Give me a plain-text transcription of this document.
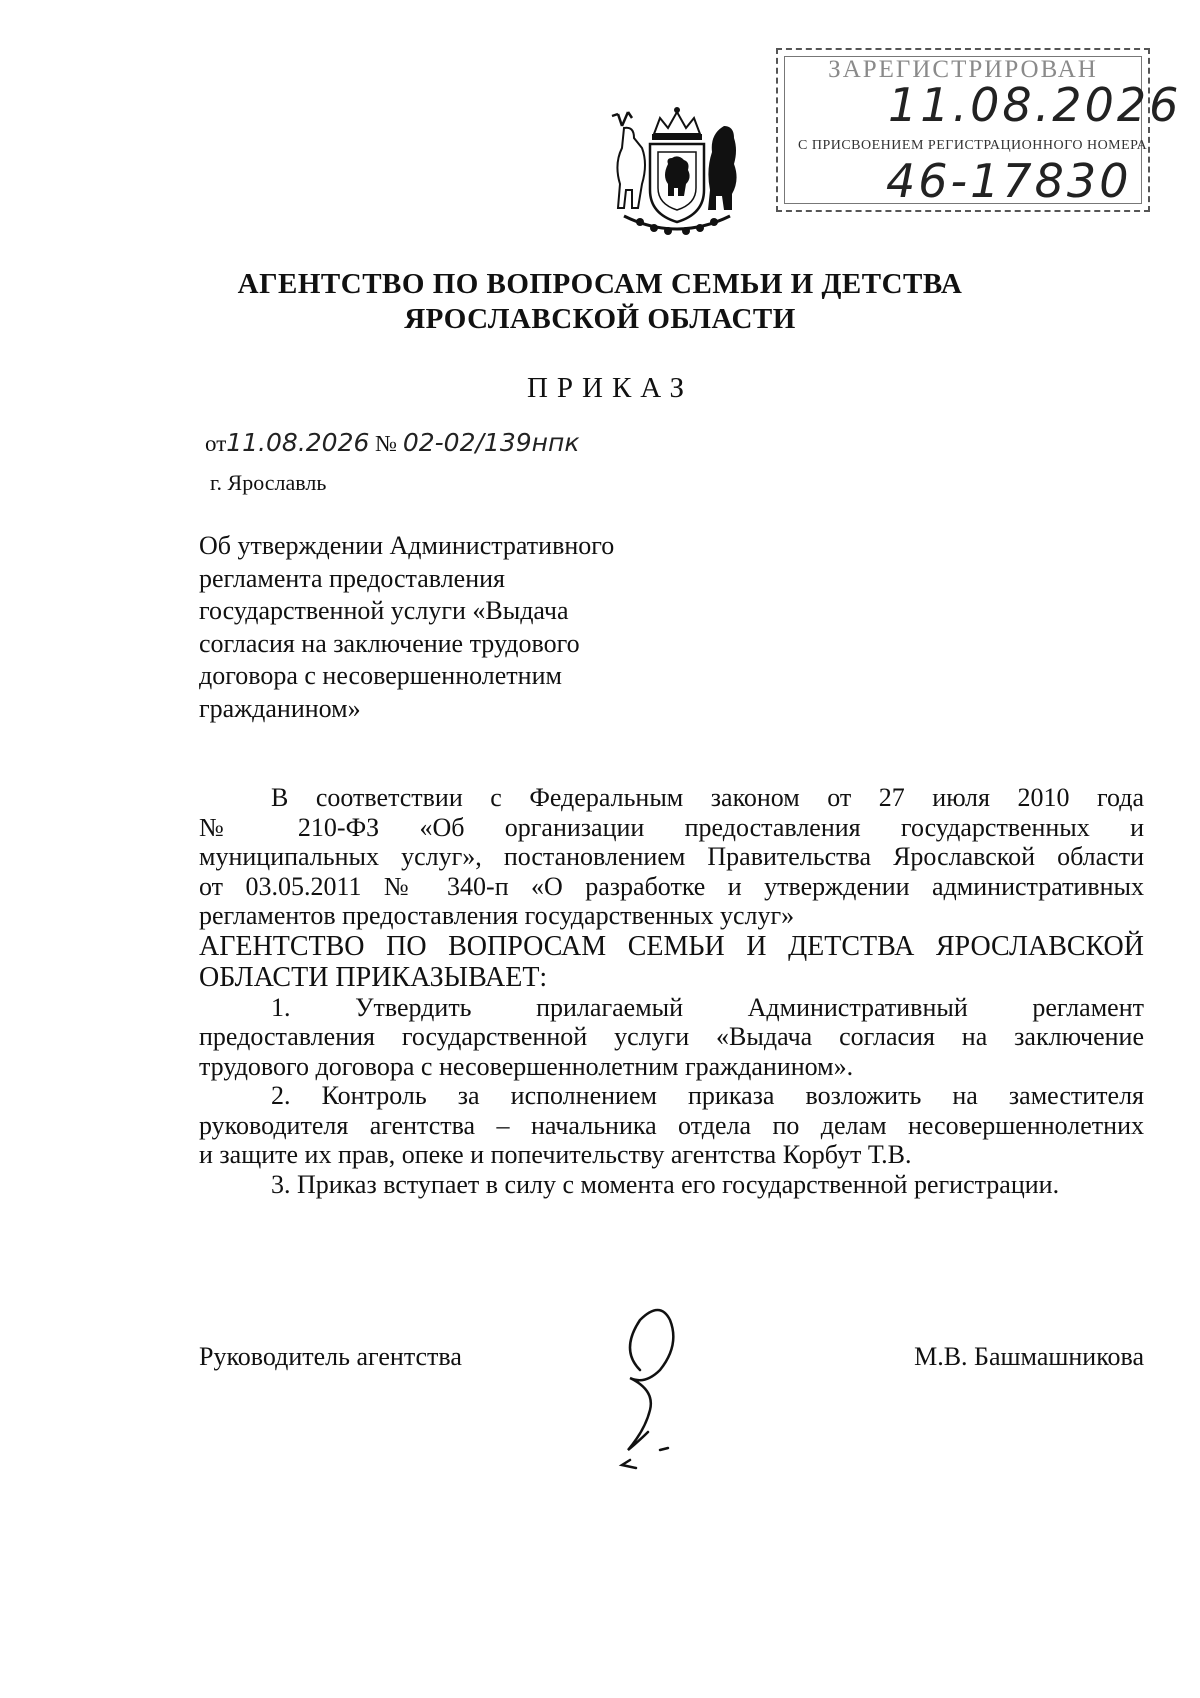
ЗАРЕГИСТРИРОВАН
11.08.2026
С ПРИСВОЕНИЕМ РЕГИСТРАЦИОННОГО НОМЕРА
46-17830
АГЕНТСТВО ПО ВОПРОСАМ СЕМЬИ И ДЕТСТВА
ЯРОСЛАВСКОЙ ОБЛАСТИ
ПРИКАЗ
от11.08.2026 № 02-02/139нпк
г. Ярославль
Об утверждении Административного
регламента предоставления
государственной услуги «Выдача
согласия на заключение трудового
договора с несовершеннолетним
гражданином»
В соответствии с Федеральным законом от 27 июля 2010 года
№ 210-ФЗ «Об организации предоставления государственных и
муниципальных услуг», постановлением Правительства Ярославской области
от 03.05.2011 № 340-п «О разработке и утверждении административных
регламентов предоставления государственных услуг»
АГЕНТСТВО ПО ВОПРОСАМ СЕМЬИ И ДЕТСТВА ЯРОСЛАВСКОЙ
ОБЛАСТИ ПРИКАЗЫВАЕТ:
1. Утвердить прилагаемый Административный регламент
предоставления государственной услуги «Выдача согласия на заключение
трудового договора с несовершеннолетним гражданином».
2. Контроль за исполнением приказа возложить на заместителя
руководителя агентства – начальника отдела по делам несовершеннолетних
и защите их прав, опеке и попечительству агентства Корбут Т.В.
3. Приказ вступает в силу с момента его государственной регистрации.
Руководитель агентства	М.В. Башмашникова
